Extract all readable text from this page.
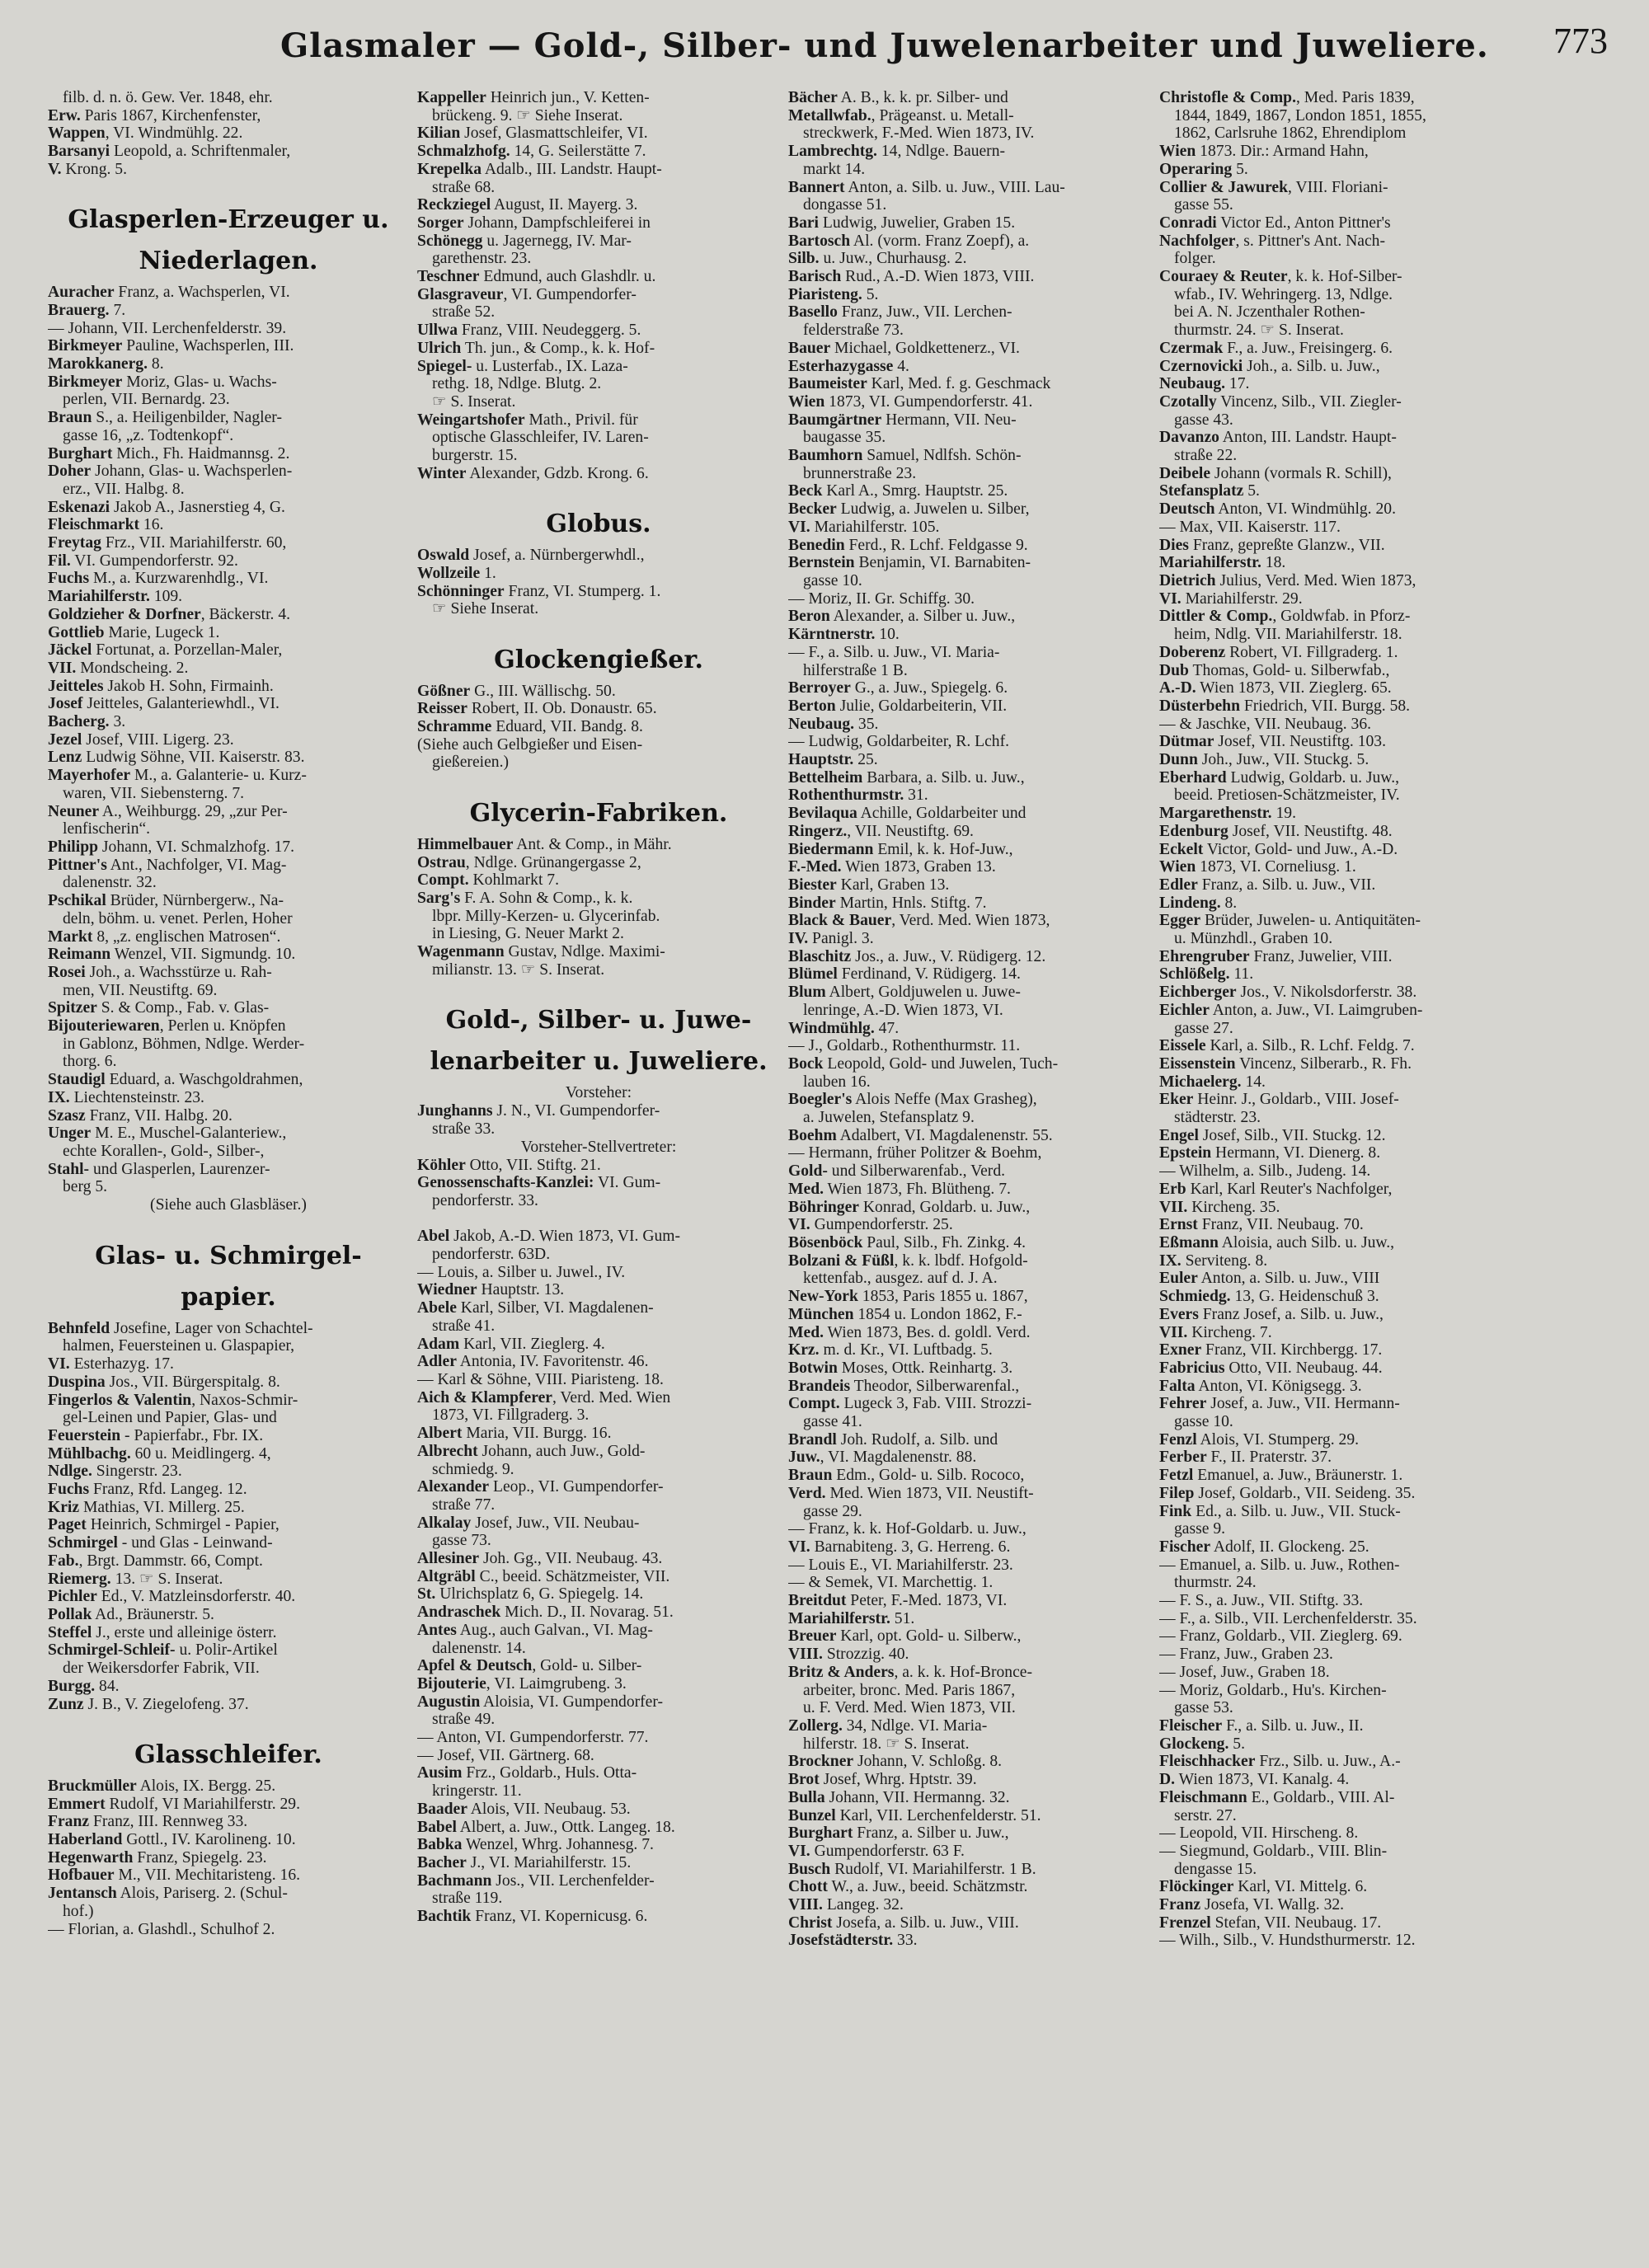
Glasmaler — Gold-, Silber- und Juwelenarbeiter und Juweliere. 773
filb. d. n. ö. Gew. Ver. 1848, ehr.
Erw. Paris 1867, Kirchenfenster,
Wappen, VI. Windmühlg. 22.
Barsanyi Leopold, a. Schriftenmaler,
V. Krong. 5.
Glasperlen-Erzeuger u.
Niederlagen.
Auracher Franz, a. Wachsperlen, VI.
Brauerg. 7.
— Johann, VII. Lerchenfelderstr. 39.
Birkmeyer Pauline, Wachsperlen, III.
Marokkanerg. 8.
Birkmeyer Moriz, Glas- u. Wachs-
perlen, VII. Bernardg. 23.
Braun S., a. Heiligenbilder, Nagler-
gasse 16, „z. Todtenkopf“.
Burghart Mich., Fh. Haidmannsg. 2.
Doher Johann, Glas- u. Wachsperlen-
erz., VII. Halbg. 8.
Eskenazi Jakob A., Jasnerstieg 4, G.
Fleischmarkt 16.
Freytag Frz., VII. Mariahilferstr. 60,
Fil. VI. Gumpendorferstr. 92.
Fuchs M., a. Kurzwarenhdlg., VI.
Mariahilferstr. 109.
Goldzieher & Dorfner, Bäckerstr. 4.
Gottlieb Marie, Lugeck 1.
Jäckel Fortunat, a. Porzellan-Maler,
VII. Mondscheing. 2.
Jeitteles Jakob H. Sohn, Firmainh.
Josef Jeitteles, Galanteriewhdl., VI.
Bacherg. 3.
Jezel Josef, VIII. Ligerg. 23.
Lenz Ludwig Söhne, VII. Kaiserstr. 83.
Mayerhofer M., a. Galanterie- u. Kurz-
waren, VII. Siebensterng. 7.
Neuner A., Weihburgg. 29, „zur Per-
lenfischerin“.
Philipp Johann, VI. Schmalzhofg. 17.
Pittner's Ant., Nachfolger, VI. Mag-
dalenenstr. 32.
Pschikal Brüder, Nürnbergerw., Na-
deln, böhm. u. venet. Perlen, Hoher
Markt 8, „z. englischen Matrosen“.
Reimann Wenzel, VII. Sigmundg. 10.
Rosei Joh., a. Wachsstürze u. Rah-
men, VII. Neustiftg. 69.
Spitzer S. & Comp., Fab. v. Glas-
Bijouteriewaren, Perlen u. Knöpfen
in Gablonz, Böhmen, Ndlge. Werder-
thorg. 6.
Staudigl Eduard, a. Waschgoldrahmen,
IX. Liechtensteinstr. 23.
Szasz Franz, VII. Halbg. 20.
Unger M. E., Muschel-Galanteriew.,
echte Korallen-, Gold-, Silber-,
Stahl- und Glasperlen, Laurenzer-
berg 5.
(Siehe auch Glasbläser.)
Glas- u. Schmirgel-
papier.
Behnfeld Josefine, Lager von Schachtel-
halmen, Feuersteinen u. Glaspapier,
VI. Esterhazyg. 17.
Duspina Jos., VII. Bürgerspitalg. 8.
Fingerlos & Valentin, Naxos-Schmir-
gel-Leinen und Papier, Glas- und
Feuerstein - Papierfabr., Fbr. IX.
Mühlbachg. 60 u. Meidlingerg. 4,
Ndlge. Singerstr. 23.
Fuchs Franz, Rfd. Langeg. 12.
Kriz Mathias, VI. Millerg. 25.
Paget Heinrich, Schmirgel - Papier,
Schmirgel - und Glas - Leinwand-
Fab., Brgt. Dammstr. 66, Compt.
Riemerg. 13. ☞ S. Inserat.
Pichler Ed., V. Matzleinsdorferstr. 40.
Pollak Ad., Bräunerstr. 5.
Steffel J., erste und alleinige österr.
Schmirgel-Schleif- u. Polir-Artikel
der Weikersdorfer Fabrik, VII.
Burgg. 84.
Zunz J. B., V. Ziegelofeng. 37.
Glasschleifer.
Bruckmüller Alois, IX. Bergg. 25.
Emmert Rudolf, VI Mariahilferstr. 29.
Franz Franz, III. Rennweg 33.
Haberland Gottl., IV. Karolineng. 10.
Hegenwarth Franz, Spiegelg. 23.
Hofbauer M., VII. Mechitaristeng. 16.
Jentansch Alois, Pariserg. 2. (Schul-
hof.)
— Florian, a. Glashdl., Schulhof 2.
Kappeller Heinrich jun., V. Ketten-
brückeng. 9. ☞ Siehe Inserat.
Kilian Josef, Glasmattschleifer, VI.
Schmalzhofg. 14, G. Seilerstätte 7.
Krepelka Adalb., III. Landstr. Haupt-
straße 68.
Reckziegel August, II. Mayerg. 3.
Sorger Johann, Dampfschleiferei in
Schönegg u. Jagernegg, IV. Mar-
garethenstr. 23.
Teschner Edmund, auch Glashdlr. u.
Glasgraveur, VI. Gumpendorfer-
straße 52.
Ullwa Franz, VIII. Neudeggerg. 5.
Ulrich Th. jun., & Comp., k. k. Hof-
Spiegel- u. Lusterfab., IX. Laza-
rethg. 18, Ndlge. Blutg. 2.
☞ S. Inserat.
Weingartshofer Math., Privil. für
optische Glasschleifer, IV. Laren-
burgerstr. 15.
Winter Alexander, Gdzb. Krong. 6.
Globus.
Oswald Josef, a. Nürnbergerwhdl.,
Wollzeile 1.
Schönninger Franz, VI. Stumperg. 1.
☞ Siehe Inserat.
Glockengießer.
Gößner G., III. Wällischg. 50.
Reisser Robert, II. Ob. Donaustr. 65.
Schramme Eduard, VII. Bandg. 8.
(Siehe auch Gelbgießer und Eisen-
gießereien.)
Glycerin-Fabriken.
Himmelbauer Ant. & Comp., in Mähr.
Ostrau, Ndlge. Grünangergasse 2,
Compt. Kohlmarkt 7.
Sarg's F. A. Sohn & Comp., k. k.
lbpr. Milly-Kerzen- u. Glycerinfab.
in Liesing, G. Neuer Markt 2.
Wagenmann Gustav, Ndlge. Maximi-
milianstr. 13. ☞ S. Inserat.
Gold-, Silber- u. Juwe-
lenarbeiter u. Juweliere.
Vorsteher:
Junghanns J. N., VI. Gumpendorfer-
straße 33.
Vorsteher-Stellvertreter:
Köhler Otto, VII. Stiftg. 21.
Genossenschafts-Kanzlei: VI. Gum-
pendorferstr. 33.
Abel Jakob, A.-D. Wien 1873, VI. Gum-
pendorferstr. 63D.
— Louis, a. Silber u. Juwel., IV.
Wiedner Hauptstr. 13.
Abele Karl, Silber, VI. Magdalenen-
straße 41.
Adam Karl, VII. Zieglerg. 4.
Adler Antonia, IV. Favoritenstr. 46.
— Karl & Söhne, VIII. Piaristeng. 18.
Aich & Klampferer, Verd. Med. Wien
1873, VI. Fillgraderg. 3.
Albert Maria, VII. Burgg. 16.
Albrecht Johann, auch Juw., Gold-
schmiedg. 9.
Alexander Leop., VI. Gumpendorfer-
straße 77.
Alkalay Josef, Juw., VII. Neubau-
gasse 73.
Allesiner Joh. Gg., VII. Neubaug. 43.
Altgräbl C., beeid. Schätzmeister, VII.
St. Ulrichsplatz 6, G. Spiegelg. 14.
Andraschek Mich. D., II. Novarag. 51.
Antes Aug., auch Galvan., VI. Mag-
dalenenstr. 14.
Apfel & Deutsch, Gold- u. Silber-
Bijouterie, VI. Laimgrubeng. 3.
Augustin Aloisia, VI. Gumpendorfer-
straße 49.
— Anton, VI. Gumpendorferstr. 77.
— Josef, VII. Gärtnerg. 68.
Ausim Frz., Goldarb., Huls. Otta-
kringerstr. 11.
Baader Alois, VII. Neubaug. 53.
Babel Albert, a. Juw., Ottk. Langeg. 18.
Babka Wenzel, Whrg. Johannesg. 7.
Bacher J., VI. Mariahilferstr. 15.
Bachmann Jos., VII. Lerchenfelder-
straße 119.
Bachtik Franz, VI. Kopernicusg. 6.
Bächer A. B., k. k. pr. Silber- und
Metallwfab., Prägeanst. u. Metall-
streckwerk, F.-Med. Wien 1873, IV.
Lambrechtg. 14, Ndlge. Bauern-
markt 14.
Bannert Anton, a. Silb. u. Juw., VIII. Lau-
dongasse 51.
Bari Ludwig, Juwelier, Graben 15.
Bartosch Al. (vorm. Franz Zoepf), a.
Silb. u. Juw., Churhausg. 2.
Barisch Rud., A.-D. Wien 1873, VIII.
Piaristeng. 5.
Basello Franz, Juw., VII. Lerchen-
felderstraße 73.
Bauer Michael, Goldkettenerz., VI.
Esterhazygasse 4.
Baumeister Karl, Med. f. g. Geschmack
Wien 1873, VI. Gumpendorferstr. 41.
Baumgärtner Hermann, VII. Neu-
baugasse 35.
Baumhorn Samuel, Ndlfsh. Schön-
brunnerstraße 23.
Beck Karl A., Smrg. Hauptstr. 25.
Becker Ludwig, a. Juwelen u. Silber,
VI. Mariahilferstr. 105.
Benedin Ferd., R. Lchf. Feldgasse 9.
Bernstein Benjamin, VI. Barnabiten-
gasse 10.
— Moriz, II. Gr. Schiffg. 30.
Beron Alexander, a. Silber u. Juw.,
Kärntnerstr. 10.
— F., a. Silb. u. Juw., VI. Maria-
hilferstraße 1 B.
Berroyer G., a. Juw., Spiegelg. 6.
Berton Julie, Goldarbeiterin, VII.
Neubaug. 35.
— Ludwig, Goldarbeiter, R. Lchf.
Hauptstr. 25.
Bettelheim Barbara, a. Silb. u. Juw.,
Rothenthurmstr. 31.
Bevilaqua Achille, Goldarbeiter und
Ringerz., VII. Neustiftg. 69.
Biedermann Emil, k. k. Hof-Juw.,
F.-Med. Wien 1873, Graben 13.
Biester Karl, Graben 13.
Binder Martin, Hnls. Stiftg. 7.
Black & Bauer, Verd. Med. Wien 1873,
IV. Panigl. 3.
Blaschitz Jos., a. Juw., V. Rüdigerg. 12.
Blümel Ferdinand, V. Rüdigerg. 14.
Blum Albert, Goldjuwelen u. Juwe-
lenringe, A.-D. Wien 1873, VI.
Windmühlg. 47.
— J., Goldarb., Rothenthurmstr. 11.
Bock Leopold, Gold- und Juwelen, Tuch-
lauben 16.
Boegler's Alois Neffe (Max Grasheg),
a. Juwelen, Stefansplatz 9.
Boehm Adalbert, VI. Magdalenenstr. 55.
— Hermann, früher Politzer & Boehm,
Gold- und Silberwarenfab., Verd.
Med. Wien 1873, Fh. Blütheng. 7.
Böhringer Konrad, Goldarb. u. Juw.,
VI. Gumpendorferstr. 25.
Bösenböck Paul, Silb., Fh. Zinkg. 4.
Bolzani & Füßl, k. k. lbdf. Hofgold-
kettenfab., ausgez. auf d. J. A.
New-York 1853, Paris 1855 u. 1867,
München 1854 u. London 1862, F.-
Med. Wien 1873, Bes. d. goldl. Verd.
Krz. m. d. Kr., VI. Luftbadg. 5.
Botwin Moses, Ottk. Reinhartg. 3.
Brandeis Theodor, Silberwarenfal.,
Compt. Lugeck 3, Fab. VIII. Strozzi-
gasse 41.
Brandl Joh. Rudolf, a. Silb. und
Juw., VI. Magdalenenstr. 88.
Braun Edm., Gold- u. Silb. Rococo,
Verd. Med. Wien 1873, VII. Neustift-
gasse 29.
— Franz, k. k. Hof-Goldarb. u. Juw.,
VI. Barnabiteng. 3, G. Herreng. 6.
— Louis E., VI. Mariahilferstr. 23.
— & Semek, VI. Marchettig. 1.
Breitdut Peter, F.-Med. 1873, VI.
Mariahilferstr. 51.
Breuer Karl, opt. Gold- u. Silberw.,
VIII. Strozzig. 40.
Britz & Anders, a. k. k. Hof-Bronce-
arbeiter, bronc. Med. Paris 1867,
u. F. Verd. Med. Wien 1873, VII.
Zollerg. 34, Ndlge. VI. Maria-
hilferstr. 18. ☞ S. Inserat.
Brockner Johann, V. Schloßg. 8.
Brot Josef, Whrg. Hptstr. 39.
Bulla Johann, VII. Hermanng. 32.
Bunzel Karl, VII. Lerchenfelderstr. 51.
Burghart Franz, a. Silber u. Juw.,
VI. Gumpendorferstr. 63 F.
Busch Rudolf, VI. Mariahilferstr. 1 B.
Chott W., a. Juw., beeid. Schätzmstr.
VIII. Langeg. 32.
Christ Josefa, a. Silb. u. Juw., VIII.
Josefstädterstr. 33.
Christofle & Comp., Med. Paris 1839,
1844, 1849, 1867, London 1851, 1855,
1862, Carlsruhe 1862, Ehrendiplom
Wien 1873. Dir.: Armand Hahn,
Operaring 5.
Collier & Jawurek, VIII. Floriani-
gasse 55.
Conradi Victor Ed., Anton Pittner's
Nachfolger, s. Pittner's Ant. Nach-
folger.
Couraey & Reuter, k. k. Hof-Silber-
wfab., IV. Wehringerg. 13, Ndlge.
bei A. N. Jczenthaler Rothen-
thurmstr. 24. ☞ S. Inserat.
Czermak F., a. Juw., Freisingerg. 6.
Czernovicki Joh., a. Silb. u. Juw.,
Neubaug. 17.
Czotally Vincenz, Silb., VII. Ziegler-
gasse 43.
Davanzo Anton, III. Landstr. Haupt-
straße 22.
Deibele Johann (vormals R. Schill),
Stefansplatz 5.
Deutsch Anton, VI. Windmühlg. 20.
— Max, VII. Kaiserstr. 117.
Dies Franz, gepreßte Glanzw., VII.
Mariahilferstr. 18.
Dietrich Julius, Verd. Med. Wien 1873,
VI. Mariahilferstr. 29.
Dittler & Comp., Goldwfab. in Pforz-
heim, Ndlg. VII. Mariahilferstr. 18.
Doberenz Robert, VI. Fillgraderg. 1.
Dub Thomas, Gold- u. Silberwfab.,
A.-D. Wien 1873, VII. Zieglerg. 65.
Düsterbehn Friedrich, VII. Burgg. 58.
— & Jaschke, VII. Neubaug. 36.
Dütmar Josef, VII. Neustiftg. 103.
Dunn Joh., Juw., VII. Stuckg. 5.
Eberhard Ludwig, Goldarb. u. Juw.,
beeid. Pretiosen-Schätzmeister, IV.
Margarethenstr. 19.
Edenburg Josef, VII. Neustiftg. 48.
Eckelt Victor, Gold- und Juw., A.-D.
Wien 1873, VI. Corneliusg. 1.
Edler Franz, a. Silb. u. Juw., VII.
Lindeng. 8.
Egger Brüder, Juwelen- u. Antiquitäten-
u. Münzhdl., Graben 10.
Ehrengruber Franz, Juwelier, VIII.
Schlößelg. 11.
Eichberger Jos., V. Nikolsdorferstr. 38.
Eichler Anton, a. Juw., VI. Laimgruben-
gasse 27.
Eissele Karl, a. Silb., R. Lchf. Feldg. 7.
Eissenstein Vincenz, Silberarb., R. Fh.
Michaelerg. 14.
Eker Heinr. J., Goldarb., VIII. Josef-
städterstr. 23.
Engel Josef, Silb., VII. Stuckg. 12.
Epstein Hermann, VI. Dienerg. 8.
— Wilhelm, a. Silb., Judeng. 14.
Erb Karl, Karl Reuter's Nachfolger,
VII. Kircheng. 35.
Ernst Franz, VII. Neubaug. 70.
Eßmann Aloisia, auch Silb. u. Juw.,
IX. Serviteng. 8.
Euler Anton, a. Silb. u. Juw., VIII
Schmiedg. 13, G. Heidenschuß 3.
Evers Franz Josef, a. Silb. u. Juw.,
VII. Kircheng. 7.
Exner Franz, VII. Kirchbergg. 17.
Fabricius Otto, VII. Neubaug. 44.
Falta Anton, VI. Königsegg. 3.
Fehrer Josef, a. Juw., VII. Hermann-
gasse 10.
Fenzl Alois, VI. Stumperg. 29.
Ferber F., II. Praterstr. 37.
Fetzl Emanuel, a. Juw., Bräunerstr. 1.
Filep Josef, Goldarb., VII. Seideng. 35.
Fink Ed., a. Silb. u. Juw., VII. Stuck-
gasse 9.
Fischer Adolf, II. Glockeng. 25.
— Emanuel, a. Silb. u. Juw., Rothen-
thurmstr. 24.
— F. S., a. Juw., VII. Stiftg. 33.
— F., a. Silb., VII. Lerchenfelderstr. 35.
— Franz, Goldarb., VII. Zieglerg. 69.
— Franz, Juw., Graben 23.
— Josef, Juw., Graben 18.
— Moriz, Goldarb., Hu's. Kirchen-
gasse 53.
Fleischer F., a. Silb. u. Juw., II.
Glockeng. 5.
Fleischhacker Frz., Silb. u. Juw., A.-
D. Wien 1873, VI. Kanalg. 4.
Fleischmann E., Goldarb., VIII. Al-
serstr. 27.
— Leopold, VII. Hirscheng. 8.
— Siegmund, Goldarb., VIII. Blin-
dengasse 15.
Flöckinger Karl, VI. Mittelg. 6.
Franz Josefa, VI. Wallg. 32.
Frenzel Stefan, VII. Neubaug. 17.
— Wilh., Silb., V. Hundsthurmerstr. 12.
